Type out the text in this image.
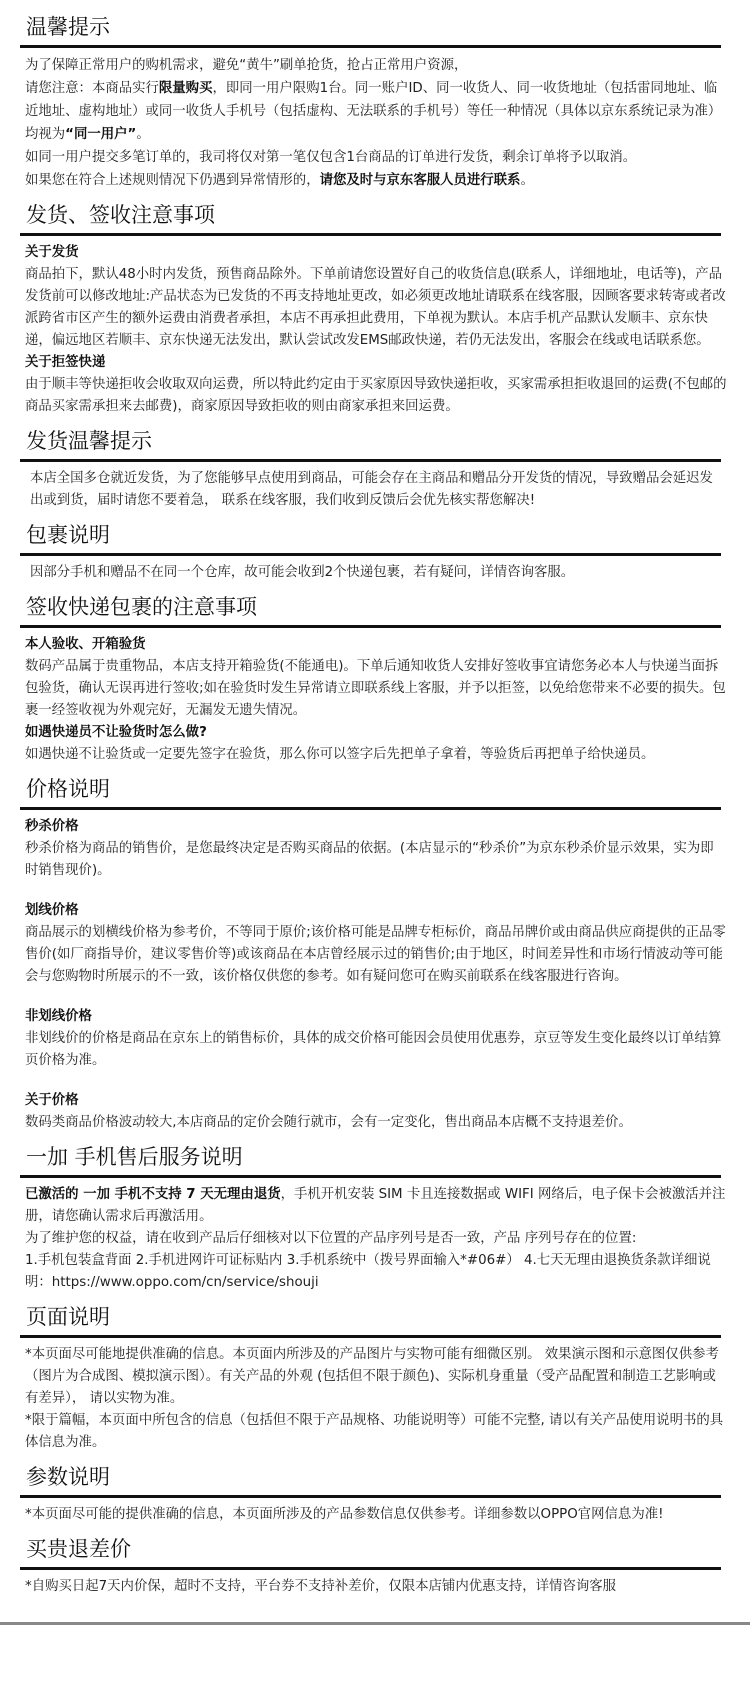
温馨提示

为了保障正常用户的购机需求，避免“黄牛”刷单抢货，抢占正常用户资源，

请您注意：本商品实行限量购买，即同一用户限购1台。同一账户ID、同一收货人、同一收货地址（包括雷同地址、临近地址、虚构地址）或同一收货人手机号（包括虚构、无法联系的手机号）等任一种情况（具体以京东系统记录为准）均视为“同一用户”。

如同一用户提交多笔订单的，我司将仅对第一笔仅包含1台商品的订单进行发货，剩余订单将予以取消。

如果您在符合上述规则情况下仍遇到异常情形的，请您及时与京东客服人员进行联系。

发货、签收注意事项

关于发货

商品拍下，默认48小时内发货，预售商品除外。下单前请您设置好自己的收货信息(联系人，详细地址，电话等)，产品发货前可以修改地址:产品状态为已发货的不再支持地址更改，如必须更改地址请联系在线客服，因顾客要求转寄或者改派跨省市区产生的额外运费由消费者承担，本店不再承担此费用，下单视为默认。本店手机产品默认发顺丰、京东快递，偏远地区若顺丰、京东快递无法发出，默认尝试改发EMS邮政快递，若仍无法发出，客服会在线或电话联系您。

关于拒签快递

由于顺丰等快递拒收会收取双向运费，所以特此约定由于买家原因导致快递拒收，买家需承担拒收退回的运费(不包邮的商品买家需承担来去邮费)，商家原因导致拒收的则由商家承担来回运费。

发货温馨提示

本店全国多仓就近发货，为了您能够早点使用到商品，可能会存在主商品和赠品分开发货的情况，导致赠品会延迟发出或到货，届时请您不要着急， 联系在线客服，我们收到反馈后会优先核实帮您解决!

包裹说明

因部分手机和赠品不在同一个仓库，故可能会收到2个快递包裹，若有疑问，详情咨询客服。

签收快递包裹的注意事项

本人验收、开箱验货

数码产品属于贵重物品，本店支持开箱验货(不能通电)。下单后通知收货人安排好签收事宜请您务必本人与快递当面拆包验货，确认无误再进行签收;如在验货时发生异常请立即联系线上客服，并予以拒签，以免给您带来不必要的损失。包裹一经签收视为外观完好，无漏发无遗失情况。

如遇快递员不让验货时怎么做?

如遇快递不让验货或一定要先签字在验货，那么你可以签字后先把单子拿着，等验货后再把单子给快递员。

价格说明

秒杀价格

秒杀价格为商品的销售价，是您最终决定是否购买商品的依据。(本店显示的“秒杀价”为京东秒杀价显示效果，实为即时销售现价)。

划线价格

商品展示的划横线价格为参考价，不等同于原价;该价格可能是品牌专柜标价，商品吊牌价或由商品供应商提供的正品零售价(如厂商指导价，建议零售价等)或该商品在本店曾经展示过的销售价;由于地区，时间差异性和市场行情波动等可能会与您购物时所展示的不一致，该价格仅供您的参考。如有疑问您可在购买前联系在线客服进行咨询。

非划线价格

非划线价的价格是商品在京东上的销售标价，具体的成交价格可能因会员使用优惠券，京豆等发生变化最终以订单结算页价格为准。

关于价格

数码类商品价格波动较大,本店商品的定价会随行就市，会有一定变化，售出商品本店概不支持退差价。

一加 手机售后服务说明

已激活的 一加 手机不支持 7 天无理由退货，手机开机安装 SIM 卡且连接数据或 WIFI 网络后，电子保卡会被激活并注册，请您确认需求后再激活用。

为了维护您的权益，请在收到产品后仔细核对以下位置的产品序列号是否一致，产品 序列号存在的位置:

1.手机包装盒背面 2.手机进网许可证标贴内 3.手机系统中（拨号界面输入*#06#） 4.七天无理由退换货条款详细说明：https://www.oppo.com/cn/service/shouji

页面说明

*本页面尽可能地提供准确的信息。本页面内所涉及的产品图片与实物可能有细微区别。 效果演示图和示意图仅供参考（图片为合成图、模拟演示图）。有关产品的外观 (包括但不限于颜色)、实际机身重量（受产品配置和制造工艺影响或有差异）， 请以实物为准。

*限于篇幅，本页面中所包含的信息（包括但不限于产品规格、功能说明等）可能不完整, 请以有关产品使用说明书的具体信息为准。

参数说明

*本页面尽可能的提供准确的信息，本页面所涉及的产品参数信息仅供参考。详细参数以OPPO官网信息为准!

买贵退差价

*自购买日起7天内价保，超时不支持，平台券不支持补差价，仅限本店铺内优惠支持，详情咨询客服
